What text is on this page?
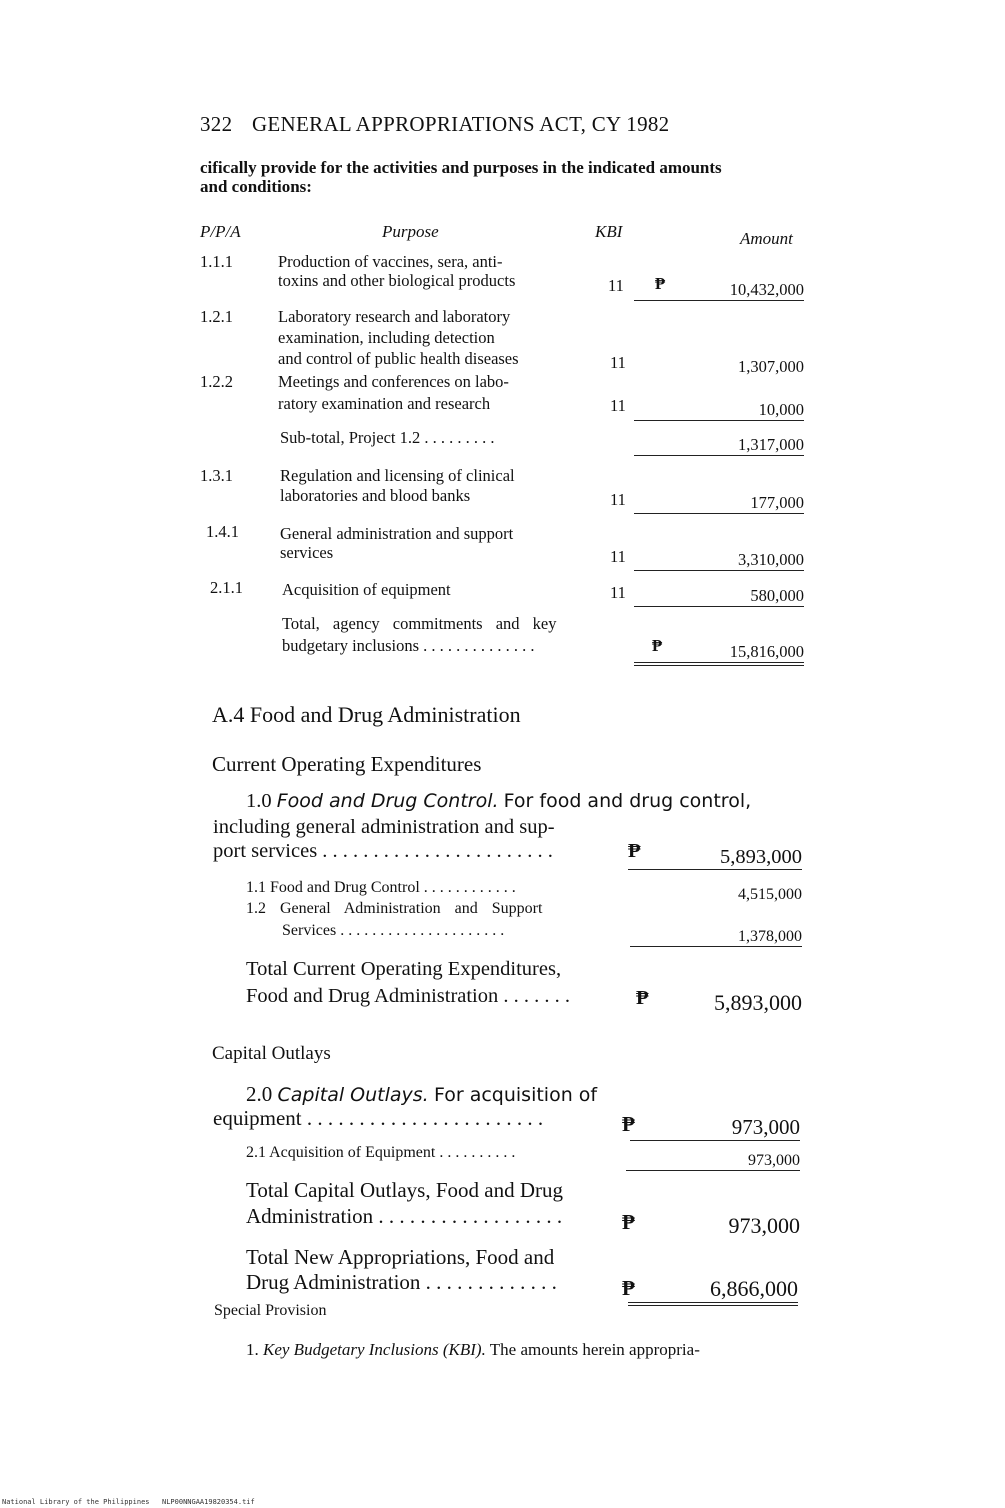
322 GENERAL APPROPRIATIONS ACT, CY 1982
cifically provide for the activities and purposes in the indicated amounts
and conditions:
P/P/A	Purpose	KBI	Amount
1.1.1	Production of vaccines, sera, anti-
toxins and other biological products	11 ₱	10,432,000
1.2.1	Laboratory research and laboratory
examination, including detection
and control of public health diseases	11	1,307,000
1.2.2	Meetings and conferences on labo-
ratory examination and research	11	10,000
Sub-total, Project 1.2 . . . . . . . . .	1,317,000
1.3.1	Regulation and licensing of clinical
laboratories and blood banks	11	177,000
1.4.1 General administration and support
services	11	3,310,000
2.1.1 Acquisition of equipment	11	580,000
Total, agency commitments and key
budgetary inclusions . . . . . . . . . . . . . .	₱	15,816,000
A.4 Food and Drug Administration
Current Operating Expenditures
1.0 Food and Drug Control. For food and drug control,
including general administration and sup-
port services . . . . . . . . . . . . . . . . . . . . . . .	₱	5,893,000
1.1 Food and Drug Control . . . . . . . . . . . .	4,515,000
1.2 General Administration and Support
Services . . . . . . . . . . . . . . . . . . . . .	1,378,000
Total Current Operating Expenditures,
Food and Drug Administration . . . . . . .	₱	5,893,000
Capital Outlays
2.0 Capital Outlays. For acquisition of
equipment . . . . . . . . . . . . . . . . . . . . . . .	₱	973,000
2.1 Acquisition of Equipment . . . . . . . . . .	973,000
Total Capital Outlays, Food and Drug
Administration . . . . . . . . . . . . . . . . . .	₱	973,000
Total New Appropriations, Food and
Drug Administration . . . . . . . . . . . . .	₱	6,866,000
Special Provision
1. Key Budgetary Inclusions (KBI). The amounts herein appropria-
National Library of the Philippines NLP00NNGAA19820354.tif
